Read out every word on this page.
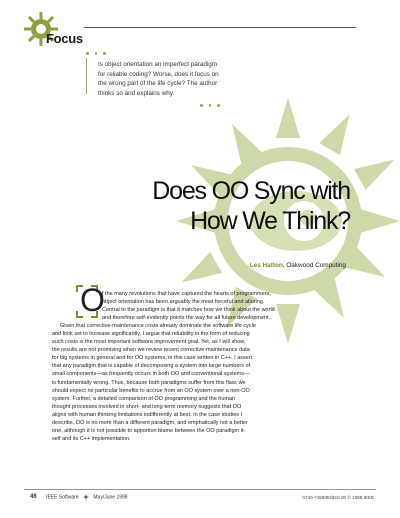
Focus
Is object orientation an imperfect paradigm
for reliable coding? Worse, does it focus on
the wrong part of the life cycle? The author
thinks so and explains why.
Does OO Sync with
How We Think?
Les Hatton, Oakwood Computing
O
f the many revolutions that have captured the hearts of programmers,
object orientation has been arguably the most forceful and alluring.
Central to the paradigm is that it matches how we think about the world
and therefore self-evidently points the way for all future development.
Given that corrective-maintenance costs already dominate the software life cycle
and look set to increase significantly, I argue that reliability in the form of reducing
such costs is the most important software improvement goal. Yet, as I will show,
the results are not promising when we review recent corrective-maintenance data
for big systems in general and for OO systems, in this case written in C++. I assert
that any paradigm that is capable of decomposing a system into large numbers of
small components—as frequently occurs in both OO and conventional systems—
is fundamentally wrong. Thus, because both paradigms suffer from this flaw, we
should expect no particular benefits to accrue from an OO system over a non-OO
system. Further, a detailed comparison of OO programming and the human
thought processes involved in short- and long-term memory suggests that OO
aligns with human thinking limitations indifferently at best. In the case studies I
describe, OO is no more than a different paradigm, and emphatically not a better
one, although it is not possible to apportion blame between the OO paradigm it-
self and its C++ implementation.
46 IEEE Software	May/June 1998	0740-7459/98/$10.00 © 1998 IEEE
